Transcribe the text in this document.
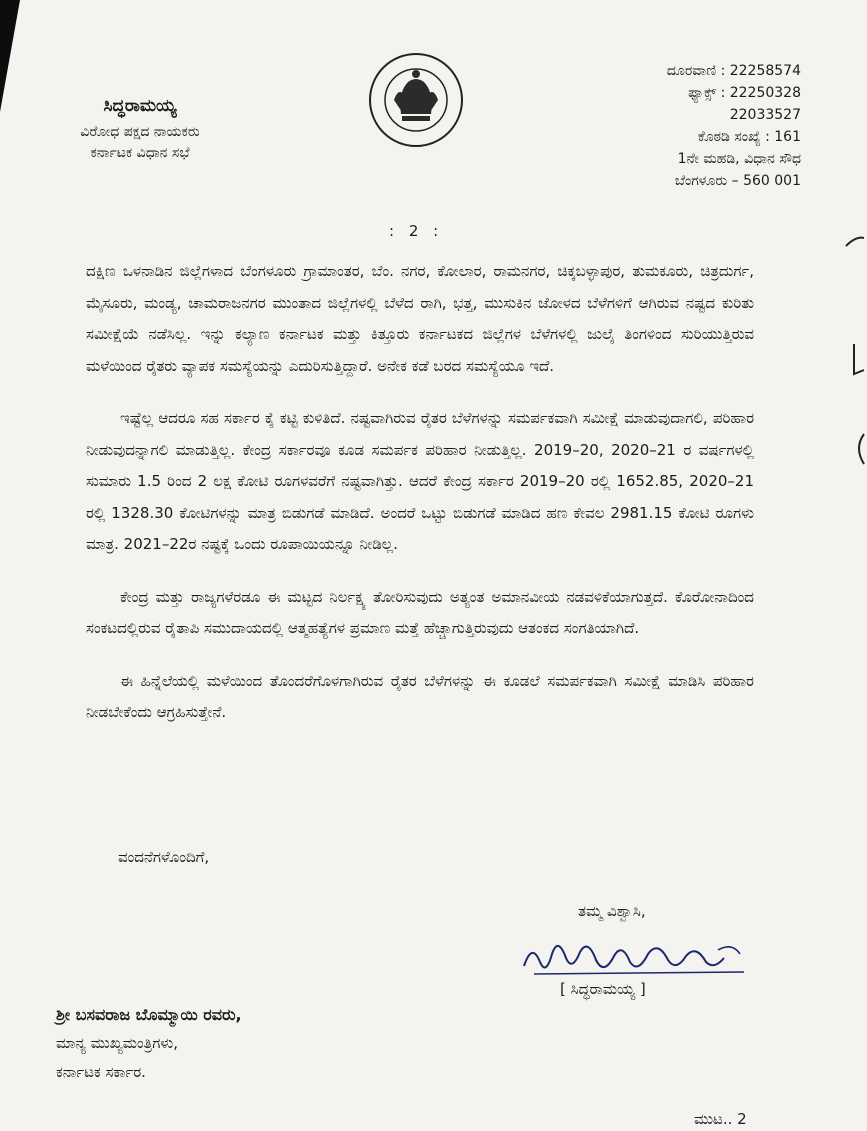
ಸಿದ್ಧರಾಮಯ್ಯ
ವಿರೋಧ ಪಕ್ಷದ ನಾಯಕರು
ಕರ್ನಾಟಕ ವಿಧಾನ ಸಭೆ
ದೂರವಾಣಿ : 22258574
ಫ್ಯಾಕ್ಸ್ : 22250328
22033527
ಕೊಠಡಿ ಸಂಖ್ಯೆ : 161
1ನೇ ಮಹಡಿ, ವಿಧಾನ ಸೌಧ
ಬೆಂಗಳೂರು – 560 001
: 2 :

ದಕ್ಷಿಣ ಒಳನಾಡಿನ ಜಿಲ್ಲೆಗಳಾದ ಬೆಂಗಳೂರು ಗ್ರಾಮಾಂತರ, ಬೆಂ. ನಗರ, ಕೋಲಾರ, ರಾಮನಗರ, ಚಿಕ್ಕಬಳ್ಳಾಪುರ, ತುಮಕೂರು, ಚಿತ್ರದುರ್ಗ, ಮೈಸೂರು, ಮಂಡ್ಯ, ಚಾಮರಾಜನಗರ ಮುಂತಾದ ಜಿಲ್ಲೆಗಳಲ್ಲಿ ಬೆಳೆದ ರಾಗಿ, ಭತ್ತ, ಮುಸುಕಿನ ಜೋಳದ ಬೆಳೆಗಳಿಗೆ ಆಗಿರುವ ನಷ್ಟದ ಕುರಿತು ಸಮೀಕ್ಷೆಯೆ ನಡೆಸಿಲ್ಲ. ಇನ್ನು ಕಲ್ಯಾಣ ಕರ್ನಾಟಕ ಮತ್ತು ಕಿತ್ತೂರು ಕರ್ನಾಟಕದ ಜಿಲ್ಲೆಗಳ ಬೆಳೆಗಳಲ್ಲಿ ಜುಲೈ ತಿಂಗಳಿಂದ ಸುರಿಯುತ್ತಿರುವ ಮಳೆಯಿಂದ ರೈತರು ವ್ಯಾಪಕ ಸಮಸ್ಯೆಯನ್ನು ಎದುರಿಸುತ್ತಿದ್ದಾರೆ. ಅನೇಕ ಕಡೆ ಬರದ ಸಮಸ್ಯೆಯೂ ಇದೆ.

ಇಷ್ಟೆಲ್ಲ ಆದರೂ ಸಹ ಸರ್ಕಾರ ಕೈ ಕಟ್ಟಿ ಕುಳಿತಿದೆ. ನಷ್ಟವಾಗಿರುವ ರೈತರ ಬೆಳೆಗಳನ್ನು ಸಮರ್ಪಕವಾಗಿ ಸಮೀಕ್ಷೆ ಮಾಡುವುದಾಗಲಿ, ಪರಿಹಾರ ನೀಡುವುದನ್ನಾಗಲಿ ಮಾಡುತ್ತಿಲ್ಲ. ಕೇಂದ್ರ ಸರ್ಕಾರವೂ ಕೂಡ ಸಮರ್ಪಕ ಪರಿಹಾರ ನೀಡುತ್ತಿಲ್ಲ. 2019–20, 2020–21 ರ ವರ್ಷಗಳಲ್ಲಿ ಸುಮಾರು 1.5 ರಿಂದ 2 ಲಕ್ಷ ಕೋಟಿ ರೂಗಳವರೆಗೆ ನಷ್ಟವಾಗಿತ್ತು. ಆದರೆ ಕೇಂದ್ರ ಸರ್ಕಾರ 2019–20 ರಲ್ಲಿ 1652.85, 2020–21 ರಲ್ಲಿ 1328.30 ಕೋಟಿಗಳನ್ನು ಮಾತ್ರ ಬಿಡುಗಡೆ ಮಾಡಿದೆ. ಅಂದರೆ ಒಟ್ಟು ಬಿಡುಗಡೆ ಮಾಡಿದ ಹಣ ಕೇವಲ 2981.15 ಕೋಟಿ ರೂಗಳು ಮಾತ್ರ. 2021–22ರ ನಷ್ಟಕ್ಕೆ ಒಂದು ರೂಪಾಯಿಯನ್ನೂ ನೀಡಿಲ್ಲ.

ಕೇಂದ್ರ ಮತ್ತು ರಾಜ್ಯಗಳೆರಡೂ ಈ ಮಟ್ಟದ ನಿರ್ಲಕ್ಷ್ಯ ತೋರಿಸುವುದು ಅತ್ಯಂತ ಅಮಾನವೀಯ ನಡವಳಿಕೆಯಾಗುತ್ತದೆ. ಕೊರೋನಾದಿಂದ ಸಂಕಟದಲ್ಲಿರುವ ರೈತಾಪಿ ಸಮುದಾಯದಲ್ಲಿ ಆತ್ಮಹತ್ಯೆಗಳ ಪ್ರಮಾಣ ಮತ್ತೆ ಹೆಚ್ಚಾಗುತ್ತಿರುವುದು ಆತಂಕದ ಸಂಗತಿಯಾಗಿದೆ.

ಈ ಹಿನ್ನೆಲೆಯಲ್ಲಿ ಮಳೆಯಿಂದ ತೊಂದರೆಗೊಳಗಾಗಿರುವ ರೈತರ ಬೆಳೆಗಳನ್ನು ಈ ಕೂಡಲೆ ಸಮರ್ಪಕವಾಗಿ ಸಮೀಕ್ಷೆ ಮಾಡಿಸಿ ಪರಿಹಾರ ನೀಡಬೇಕೆಂದು ಆಗ್ರಹಿಸುತ್ತೇನೆ.

ವಂದನೆಗಳೊಂದಿಗೆ,
ತಮ್ಮ ವಿಶ್ವಾಸಿ,
[ ಸಿದ್ಧರಾಮಯ್ಯ ]
ಶ್ರೀ ಬಸವರಾಜ ಬೊಮ್ಮಾಯಿ ರವರು,
ಮಾನ್ಯ ಮುಖ್ಯಮಂತ್ರಿಗಳು,
ಕರ್ನಾಟಕ ಸರ್ಕಾರ.
ಮುಟ.. 2
